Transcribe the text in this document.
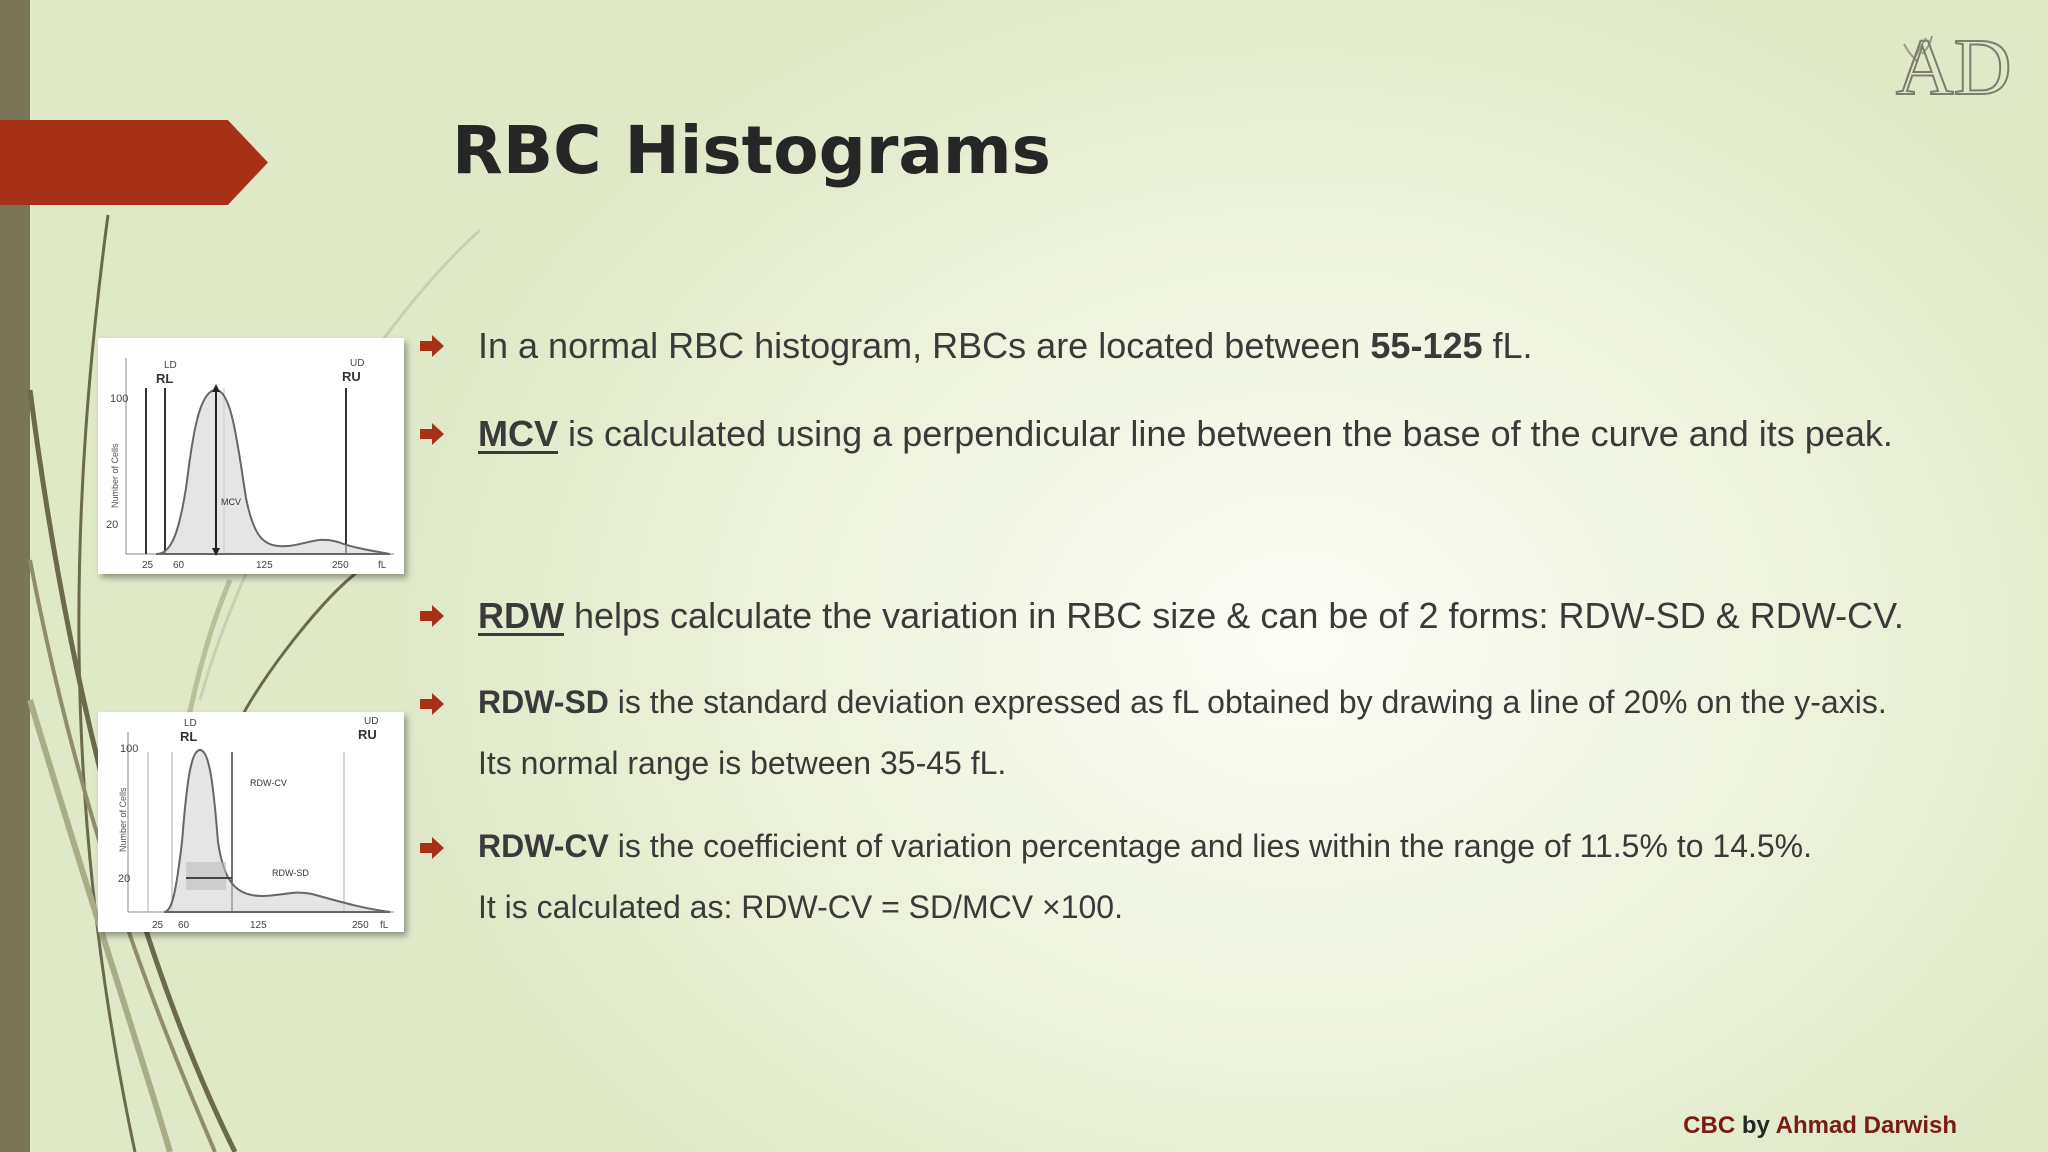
RBC Histograms
AD
100
20
Number of Cells	MCV
LD
RL
UD
RU
25 60	125	250	fL
100
20
Number of Cells
RDW-CV
RDW-SD
LD
RL
UD
RU
25 60	125	250 fL

In a normal RBC histogram, RBCs are located between 55-125 fL.

MCV is calculated using a perpendicular line between the base of the curve and its peak.

RDW helps calculate the variation in RBC size & can be of 2 forms: RDW-SD & RDW-CV.

RDW-SD is the standard deviation expressed as fL obtained by drawing a line of 20% on the y-axis.
Its normal range is between 35-45 fL.

RDW-CV is the coefficient of variation percentage and lies within the range of 11.5% to 14.5%.
It is calculated as: RDW-CV = SD/MCV ×100.

CBC by Ahmad Darwish
